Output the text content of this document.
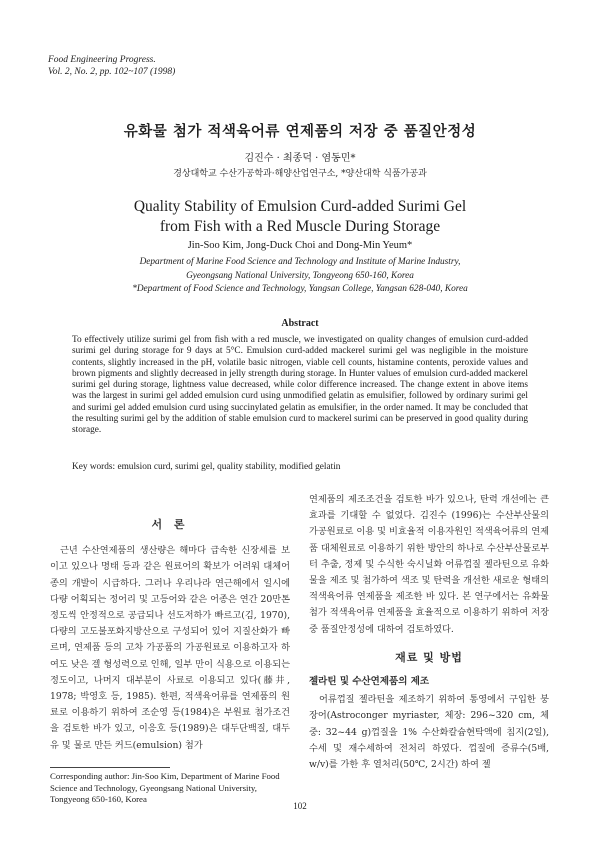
Food Engineering Progress.
Vol. 2, No. 2, pp. 102~107 (1998)
유화물 첨가 적색육어류 연제품의 저장 중 품질안정성
김진수 · 최종덕 · 염동민*
경상대학교 수산가공학과·해양산업연구소, *양산대학 식품가공과
Quality Stability of Emulsion Curd-added Surimi Gel from Fish with a Red Muscle During Storage
Jin-Soo Kim, Jong-Duck Choi and Dong-Min Yeum*
Department of Marine Food Science and Technology and Institute of Marine Industry,
Gyeongsang National University, Tongyeong 650-160, Korea
*Department of Food Science and Technology, Yangsan College, Yangsan 628-040, Korea
Abstract
To effectively utilize surimi gel from fish with a red muscle, we investigated on quality changes of emulsion curd-added surimi gel during storage for 9 days at 5°C. Emulsion curd-added mackerel surimi gel was negligible in the moisture contents, slightly increased in the pH, volatile basic nitrogen, viable cell counts, histamine contents, peroxide values and brown pigments and slightly decreased in jelly strength during storage. In Hunter values of emulsion curd-added mackerel surimi gel during storage, lightness value decreased, while color difference increased. The change extent in above items was the largest in surimi gel added emulsion curd using unmodified gelatin as emulsifier, followed by ordinary surimi gel and surimi gel added emulsion curd using succinylated gelatin as emulsifier, in the order named. It may be concluded that the resulting surimi gel by the addition of stable emulsion curd to mackerel surimi can be preserved in good quality during storage.
Key words: emulsion curd, surimi gel, quality stability, modified gelatin
서 론

근년 수산연제품의 생산량은 해마다 급속한 신장세를 보이고 있으나 명태 등과 같은 원료어의 확보가 어려워 대체어종의 개발이 시급하다. 그러나 우리나라 연근해에서 일시에 다량 어획되는 정어리 및 고등어와 같은 어종은 연간 20만톤 정도씩 안정적으로 공급되나 선도저하가 빠르고(김, 1970), 다량의 고도불포화지방산으로 구성되어 있어 지질산화가 빠르며, 연제품 등의 고차 가공품의 가공원료로 이용하고자 하여도 낮은 겔 형성력으로 인해, 일부 만이 식용으로 이용되는 정도이고, 나머지 대부분이 사료로 이용되고 있다(藤井, 1978; 박영호 등, 1985). 한편, 적색육어류를 연제품의 원료로 이용하기 위하여 조순영 등(1984)은 부원료 첨가조건을 검토한 바가 있고, 이응호 등(1989)은 대두단백질, 대두유 및 물로 만든 커드(emulsion) 첨가

연제품의 제조조건을 검토한 바가 있으나, 탄력 개선에는 큰 효과를 기대할 수 없었다. 김진수 (1996)는 수산부산물의 가공원료로 이용 및 비효율적 이용자원인 적색육어류의 연제품 대체원료로 이용하기 위한 방안의 하나로 수산부산물로부터 추출, 정제 및 수식한 숙시닐화 어류껍질 젤라틴으로 유화물을 제조 및 첨가하여 색조 및 탄력을 개선한 새로운 형태의 적색육어류 연제품을 제조한 바 있다. 본 연구에서는 유화물 첨가 적색육어류 연제품을 효율적으로 이용하기 위하여 저장 중 품질안정성에 대하여 검토하였다.

재료 및 방법
젤라틴 및 수산연제품의 제조

어류껍질 젤라틴을 제조하기 위하여 통영에서 구입한 붕장어(Astroconger myriaster, 체장: 296~320 cm, 체중: 32~44 g)껍질을 1% 수산화칼슘현탁액에 침지(2일), 수세 및 재수세하여 전처리 하였다. 껍질에 증류수(5배, w/v)를 가한 후 열처리(50℃, 2시간) 하여 젤

Corresponding author: Jin-Soo Kim, Department of Marine Food Science and Technology, Gyeongsang National University, Tongyeong 650-160, Korea
102
